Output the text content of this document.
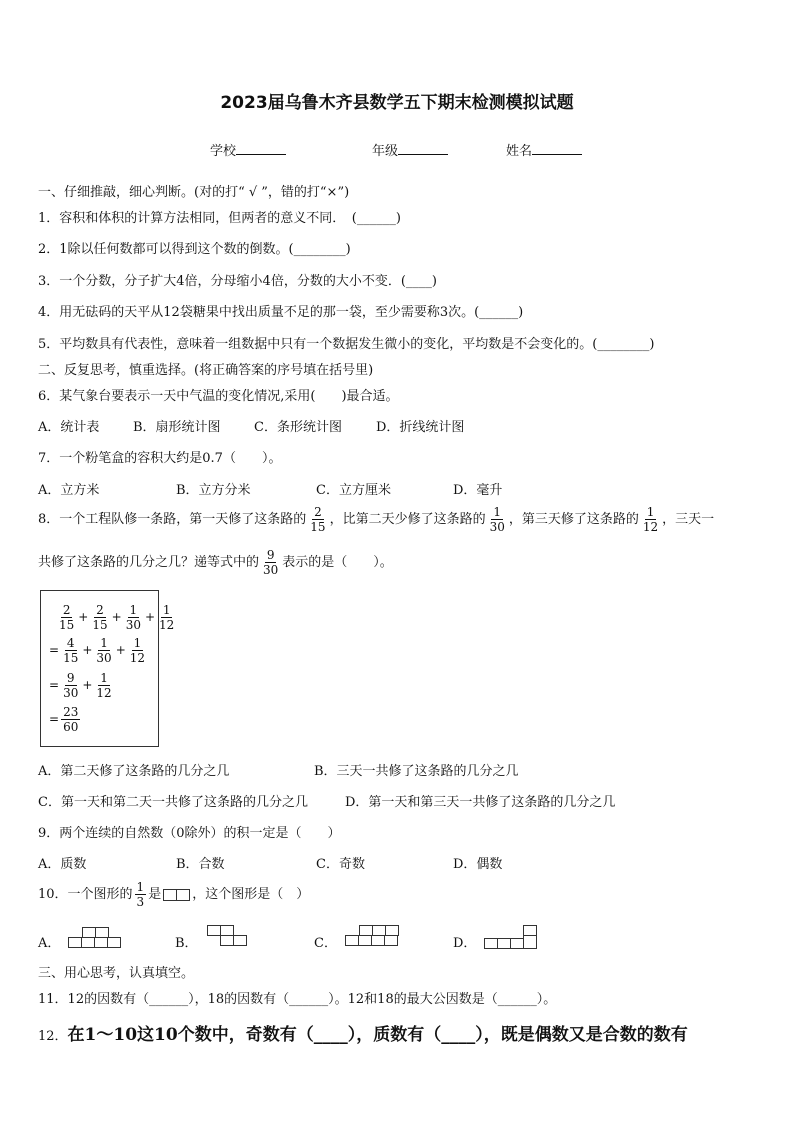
2023届乌鲁木齐县数学五下期末检测模拟试题
学校	年级	姓名
一、仔细推敲，细心判断。(对的打“ √ ”，错的打“×”)
1．容积和体积的计算方法相同，但两者的意义不同．　(______)
2．1除以任何数都可以得到这个数的倒数。(________)
3．一个分数，分子扩大4倍，分母缩小4倍，分数的大小不变．(____)
4．用无砝码的天平从12袋糖果中找出质量不足的那一袋，至少需要称3次。(______)
5．平均数具有代表性，意味着一组数据中只有一个数据发生微小的变化，平均数是不会变化的。(________)
二、反复思考，慎重选择。(将正确答案的序号填在括号里)
6．某气象台要表示一天中气温的变化情况,采用(　　)最合适。
A．统计表	B．扇形统计图	C．条形统计图	D．折线统计图
7．一个粉笔盒的容积大约是0.7（　　）。
A．立方米	B．立方分米	C．立方厘米	D．毫升
8．一个工程队修一条路，第一天修了这条路的 $\frac{2}{15}$ ，比第二天少修了这条路的 $\frac{1}{30}$ ，第三天修了这条路的 $\frac{1}{12}$ ，三天一
共修了这条路的几分之几？递等式中的 $\frac{9}{30}$ 表示的是（　　）。
$\frac{2}{15} + \frac{2}{15} + \frac{1}{30} + \frac{1}{12}$
= $\frac{4}{15} + \frac{1}{30} + \frac{1}{12}$
= $\frac{9}{30} + \frac{1}{12}$
= $\frac{23}{60}$
A．第二天修了这条路的几分之几	B．三天一共修了这条路的几分之几
C．第一天和第二天一共修了这条路的几分之几	D．第一天和第三天一共修了这条路的几分之几
9．两个连续的自然数（0除外）的积一定是（　　）
A．质数	B．合数	C．奇数	D．偶数
10．一个图形的 $\frac{1}{3}$ 是 ，这个图形是（　）
A．	B．	C．	D．
三、用心思考，认真填空。
11．12的因数有（______），18的因数有（______）。12和18的最大公因数是（______）。
12．在1～10这10个数中，奇数有（____），质数有（____），既是偶数又是合数的数有
